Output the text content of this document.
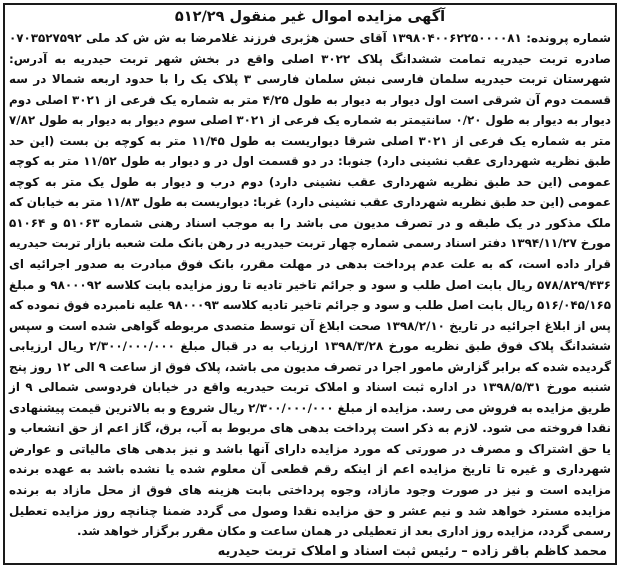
آگهی مزایده اموال غیر منقول ۵۱۲/۲۹

شماره پرونده: ۱۳۹۸۰۴۰۰۶۲۲۵۰۰۰۰۸۱ آقای حسن هژبری فرزند غلامرضا به ش ش کد ملی ۰۷۰۳۵۲۷۵۹۲ صادره تربت حیدریه تمامت ششدانگ پلاک ۳۰۲۲ اصلی واقع در بخش شهر تربت حیدریه به آدرس: شهرستان تربت حیدریه سلمان فارسی نبش سلمان فارسی ۳ پلاک یک را با حدود اربعه شمالا در سه قسمت دوم آن شرقی است اول دیوار به دیوار به طول ۴/۲۵ متر به شماره یک فرعی از ۳۰۲۱ اصلی دوم دیوار به دیوار به طول ۰/۲۰ سانتیمتر به شماره یک فرعی از ۳۰۲۱ اصلی سوم دیوار به دیوار به طول ۷/۸۲ متر به شماره یک فرعی از ۳۰۲۱ اصلی شرقا دیواریست به طول ۱۱/۴۵ متر به کوچه بن بست (این حد طبق نظریه شهرداری عقب نشینی دارد) جنوبا: در دو قسمت اول در و دیوار به طول ۱۱/۵۲ متر به کوچه عمومی (این حد طبق نظریه شهرداری عقب نشینی دارد) دوم درب و دیوار به طول یک متر به کوچه عمومی (این حد طبق نظریه شهرداری عقب نشینی دارد) غربا: دیواریست به طول ۱۱/۸۳ متر به خیابان که ملک مذکور در یک طبقه و در تصرف مدیون می باشد را به موجب اسناد رهنی شماره ۵۱۰۶۳ و ۵۱۰۶۴ مورخ ۱۳۹۴/۱۱/۲۷ دفتر اسناد رسمی شماره چهار تربت حیدریه در رهن بانک ملت شعبه بازار تربت حیدریه قرار داده است، که به علت عدم پرداخت بدهی در مهلت مقرر، بانک فوق مبادرت به صدور اجرائیه ای ۵۷۸/۸۲۹/۴۳۶ ریال بابت اصل طلب و سود و جرائم تاخیر تادیه تا روز مزایده بابت کلاسه ۹۸۰۰۰۹۲ و مبلغ ۵۱۶/۰۴۵/۱۶۵ ریال بابت اصل طلب و سود و جرائم تاخیر تادیه کلاسه ۹۸۰۰۰۹۳ علیه نامبرده فوق نموده که پس از ابلاغ اجرائیه در تاریخ ۱۳۹۸/۲/۱۰ صحت ابلاغ آن توسط متصدی مربوطه گواهی شده است و سپس ششدانگ پلاک فوق طبق نظریه مورخ ۱۳۹۸/۳/۲۸ ارزیاب به در قبال مبلغ ۲/۳۰۰/۰۰۰/۰۰۰ ریال ارزیابی گردیده شده که برابر گزارش مامور اجرا در تصرف مدیون می باشد، پلاک فوق از ساعت ۹ الی ۱۲ روز پنج شنبه مورخ ۱۳۹۸/۵/۳۱ در اداره ثبت اسناد و املاک تربت حیدریه واقع در خیابان فردوسی شمالی ۹ از طریق مزایده به فروش می رسد. مزایده از مبلغ ۲/۳۰۰/۰۰۰/۰۰۰ ریال شروع و به بالاترین قیمت پیشنهادی نقدا فروخته می شود. لازم به ذکر است پرداخت بدهی های مربوط به آب، برق، گاز اعم از حق انشعاب و یا حق اشتراک و مصرف در صورتی که مورد مزایده دارای آنها باشد و نیز بدهی های مالیاتی و عوارض شهرداری و غیره تا تاریخ مزایده اعم از اینکه رقم قطعی آن معلوم شده یا نشده باشد به عهده برنده مزایده است و نیز در صورت وجود مازاد، وجوه پرداختی بابت هزینه های فوق از محل مازاد به برنده مزایده مسترد خواهد شد و نیم عشر و حق مزایده نقدا وصول می گردد ضمنا چنانچه روز مزایده تعطیل رسمی گردد، مزایده روز اداری بعد از تعطیلی در همان ساعت و مکان مقرر برگزار خواهد شد.

محمد کاظم باقر زاده – رئیس ثبت اسناد و املاک تربت حیدریه
